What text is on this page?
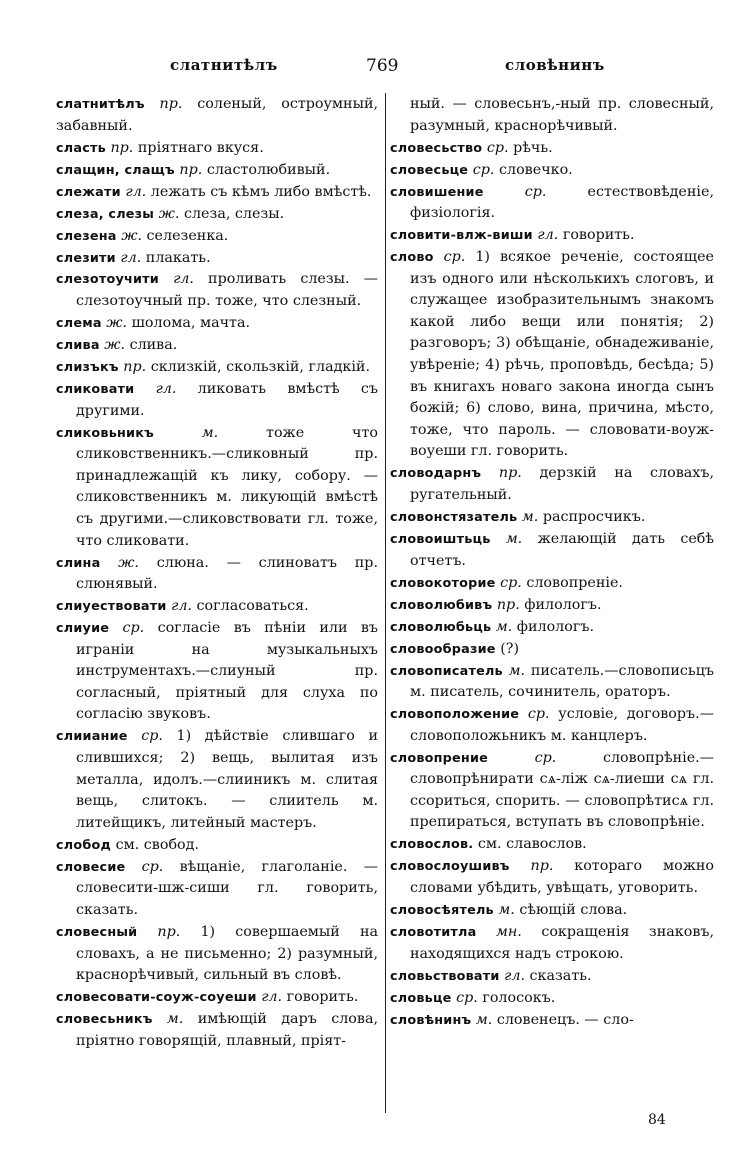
слатнитѣлъ	769	словѣнинъ
слатнитѣлъ пр. соленый, остроумный, забавный.
сласть пр. пріятнаго вкуся.
слащин, слащъ пр. сластолюбивый.
слежати гл. лежать съ кѣмъ либо вмѣстѣ.
слеза, слезы ж. слеза, слезы.
слезена ж. селезенка.
слезити гл. плакать.
слезотоучити гл. проливать слезы. — слезотоучный пр. тоже, что слезный.
слема ж. шолома, мачта.
слива ж. слива.
слизъкъ пр. склизкій, скользкій, гладкій.
сликовати гл. ликовать вмѣстѣ съ другими.
сликовьникъ	м.	тоже что сликовственникъ.—сликовный пр. принадлежащій къ лику, собору. — сликовственникъ м. ликующій вмѣстѣ съ другими.—сликовствовати гл. тоже, что сликовати.
слина ж. слюна. — слиноватъ пр. слюнявый.
слиуествовати гл. согласоваться.
слиуие ср. согласіе въ пѣніи или въ играніи на музыкальныхъ инструментахъ.—слиуный пр. согласный, пріятный для слуха по согласію звуковъ.
слииание ср. 1) дѣйствіе слившаго и слившихся; 2) вещь, вылитая изъ металла, идолъ.—слииникъ м. слитая вещь, слитокъ. — слиитель м. литейщикъ, литейный мастеръ.
слобод см. свобод.
словесие ср. вѣщаніе, глаголаніе. — словесити-шж-сиши гл. говорить, сказать.
словесный пр. 1) совершаемый на словахъ, а не письменно; 2) разумный, краснорѣчивый, сильный въ словѣ.
словесовати-соуж-соуеши гл. говорить.
словесьникъ м. имѣющій даръ слова, пріятно говорящій, плавный, пріят-
ный. — словесьнъ,-ный пр. словесный, разумный, краснорѣчивый.
словесьство ср. рѣчь.
словесьце ср. словечко.
словишение	ср.	естествовѣденіе, физіологія.
словити-влж-виши гл. говорить.
слово ср. 1) всякое реченіе, состоящее изъ одного или нѣсколькихъ слоговъ, и служащее изобразительнымъ знакомъ какой либо вещи или понятія; 2) разговоръ; 3) обѣщаніе, обнадеживаніе, увѣреніе; 4) рѣчь, проповѣдь, бесѣда; 5) въ книгахъ новаго закона иногда сынъ божій; 6) слово, вина, причина, мѣсто, тоже, что пароль. — слововати-воуж-воуеши гл. говорить.
словодарнъ пр. дерзкій на словахъ, ругательный.
словонстязатель м. распросчикъ.
словоиштьць м. желающій дать себѣ отчетъ.
словокоторие ср. словопреніе.
словолюбивъ пр. филологъ.
словолюбьць м. филологъ.
словообразие (?)
словописатель м. писатель.—словописьцъ м. писатель, сочинитель, ораторъ.
словоположение ср. условіе, договоръ.—словоположьникъ м. канцлеръ.
словопрение	ср.	словопрѣніе.—словопрѣнирати сѧ-ліж сѧ-лиеши сѧ гл. ссориться, спорить. — словопрѣтисѧ гл. препираться, вступать въ словопрѣніе.
словослов. см. славослов.
словослоушивъ пр. котораго можно словами убѣдить, увѣщать, уговорить.
словосѣятель м. сѣющій слова.
словотитла мн. сокращенія знаковъ, находящихся надъ строкою.
словьствовати гл. сказать.
словьце ср. голосокъ.
словѣнинъ м. словенецъ. — сло-
84
